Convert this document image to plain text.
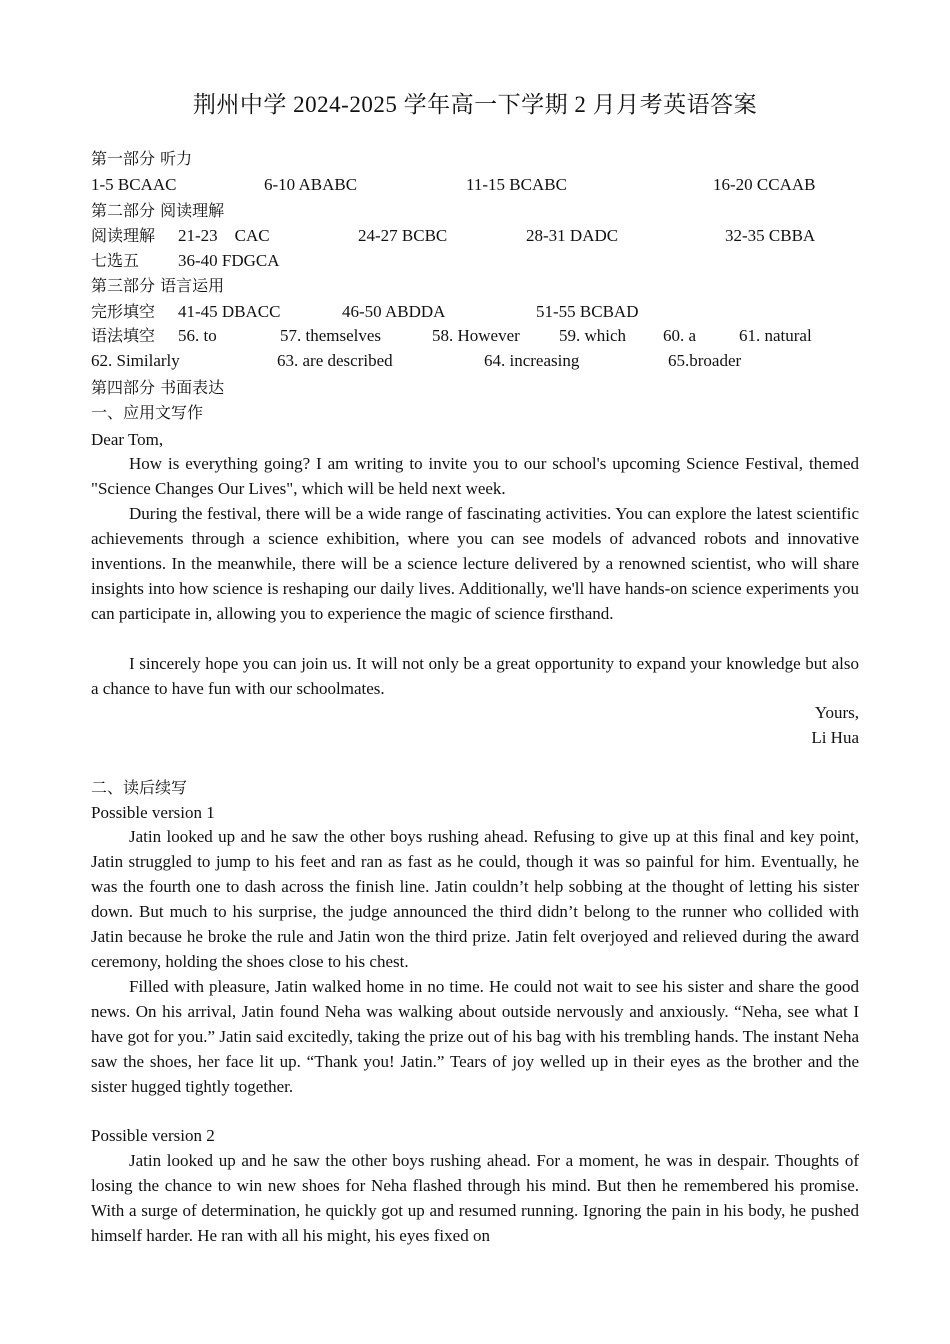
荆州中学 2024-2025 学年高一下学期 2 月月考英语答案
第一部分 听力
1-5 BCAAC	6-10 ABABC	11-15 BCABC	16-20 CCAAB
第二部分 阅读理解
阅读理解 21-23    CAC	24-27 BCBC	28-31 DADC	32-35 CBBA
七选五 36-40 FDGCA
第三部分 语言运用
完形填空 41-45 DBACC	46-50 ABDDA	51-55 BCBAD
语法填空 56. to	57. themselves	58. However 59. which 60. a	61. natural
62. Similarly	63. are described	64. increasing	65.broader
第四部分 书面表达
一、应用文写作
Dear Tom,
How is everything going? I am writing to invite you to our school's upcoming Science Festival, themed "Science Changes Our Lives", which will be held next week.
During the festival, there will be a wide range of fascinating activities. You can explore the latest scientific achievements through a science exhibition, where you can see models of advanced robots and innovative inventions. In the meanwhile, there will be a science lecture delivered by a renowned scientist, who will share insights into how science is reshaping our daily lives. Additionally, we'll have hands-on science experiments you can participate in, allowing you to experience the magic of science firsthand.
I sincerely hope you can join us. It will not only be a great opportunity to expand your knowledge but also a chance to have fun with our schoolmates.
Yours,
Li Hua
二、读后续写
Possible version 1
Jatin looked up and he saw the other boys rushing ahead. Refusing to give up at this final and key point, Jatin struggled to jump to his feet and ran as fast as he could, though it was so painful for him. Eventually, he was the fourth one to dash across the finish line. Jatin couldn’t help sobbing at the thought of letting his sister down. But much to his surprise, the judge announced the third didn’t belong to the runner who collided with Jatin because he broke the rule and Jatin won the third prize. Jatin felt overjoyed and relieved during the award ceremony, holding the shoes close to his chest.
Filled with pleasure, Jatin walked home in no time. He could not wait to see his sister and share the good news. On his arrival, Jatin found Neha was walking about outside nervously and anxiously. “Neha, see what I have got for you.” Jatin said excitedly, taking the prize out of his bag with his trembling hands. The instant Neha saw the shoes, her face lit up. “Thank you! Jatin.” Tears of joy welled up in their eyes as the brother and the sister hugged tightly together.
Possible version 2
Jatin looked up and he saw the other boys rushing ahead. For a moment, he was in despair. Thoughts of losing the chance to win new shoes for Neha flashed through his mind. But then he remembered his promise. With a surge of determination, he quickly got up and resumed running. Ignoring the pain in his body, he pushed himself harder. He ran with all his might, his eyes fixed on
